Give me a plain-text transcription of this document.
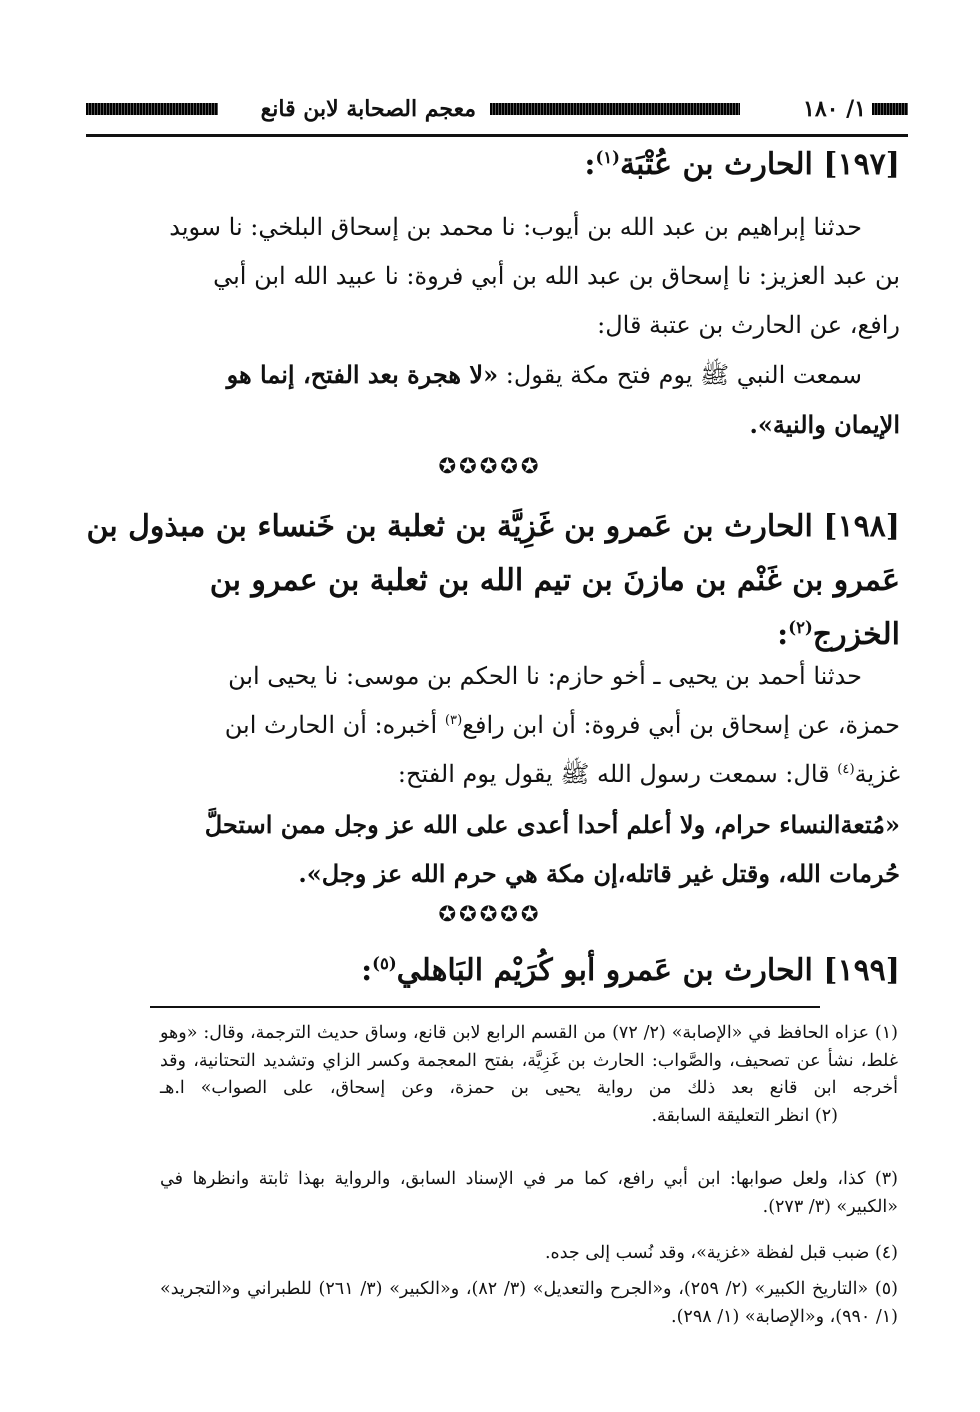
١/ ١٨٠
معجم الصحابة لابن قانع
[١٩٧] الحارث بن عُتْبَة$^{(١)}$:
حدثنا إبراهيم بن عبد الله بن أيوب: نا محمد بن إسحاق البلخي: نا سويد بن عبد العزيز: نا إسحاق بن عبد الله بن أبي فروة: نا عبيد الله ابن أبي رافع، عن الحارث بن عتبة قال:
سمعت النبي ﷺ يوم فتح مكة يقول: «لا هجرة بعد الفتح، إنما هو الإيمان والنية».
✪✪✪✪✪
[١٩٨] الحارث بن عَمرو بن غَزِيَّة بن ثعلبة بن خَنساء بن مبذول بن عَمرو بن غَنْم بن مازنَ بن تيم الله بن ثعلبة بن عمرو بن الخزرج$^{(٢)}$:
حدثنا أحمد بن يحيى ـ أخو حازم: نا الحكم بن موسى: نا يحيى ابن حمزة، عن إسحاق بن أبي فروة: أن ابن رافع$^{(٣)}$ أخبره: أن الحارث ابن غزية$^{(٤)}$ قال: سمعت رسول الله ﷺ يقول يوم الفتح:
«مُتعةالنساء حرام، ولا أعلم أحدا أعدى على الله عز وجل ممن استحلَّ حُرمات الله، وقتل غير قاتله،إن مكة هي حرم الله عز وجل».
✪✪✪✪✪
[١٩٩] الحارث بن عَمرو أبو كُرَيْم البَاهلي$^{(٥)}$:
(١) عزاه الحافظ في «الإصابة» (٢/ ٧٢) من القسم الرابع لابن قانع، وساق حديث الترجمة، وقال: «وهو غلط، نشأ عن تصحيف، والصَّواب: الحارث بن غَزِيَّة، بفتح المعجمة وكسر الزاي وتشديد التحتانية، وقد أخرجه ابن قانع بعد ذلك من رواية يحيى بن حمزة، وعن إسحاق، على الصواب» ا.هـ(٢) انظر التعليقة السابقة.
(٣) كذا، ولعل صوابها: ابن أبي رافع، كما مر في الإسناد السابق، والرواية بهذا ثابتة وانظرها في «الكبير» (٣/ ٢٧٣).
(٤) ضبب قبل لفظة «غزية»، وقد نُسب إلى جده.
(٥) «التاريخ الكبير» (٢/ ٢٥٩)، و«الجرح والتعديل» (٣/ ٨٢)، و«الكبير» (٣/ ٢٦١) للطبراني و«التجريد» (١/ ٩٩٠)، و«الإصابة» (١/ ٢٩٨).
